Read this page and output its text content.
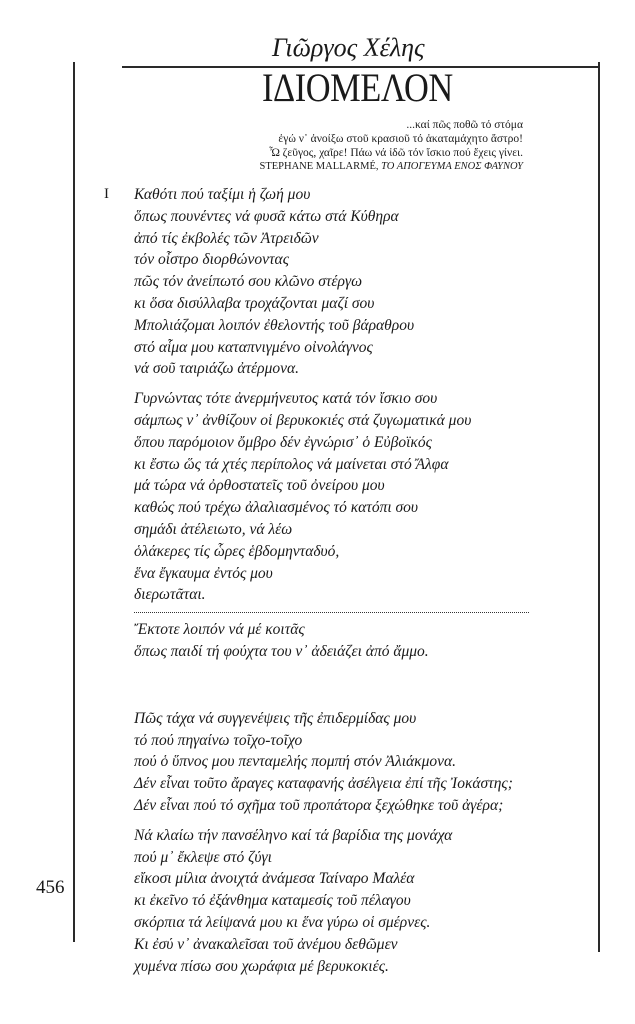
Γιῶργος Χέλης
ΙΔΙΟΜΕΛΟΝ
...καί πῶς ποθῶ τό στόμα
ἐγώ ν᾽ ἀνοίξω στοῦ κρασιοῦ τό ἀκαταμάχητο ἄστρο!
Ὦ ζεῦγος, χαῖρε! Πάω νά ἰδῶ τόν ἴσκιο πού ἔχεις γίνει.
STEPHANE MALLARMÉ, ΤΟ ΑΠΟΓΕΥΜΑ ΕΝΟΣ ΦΑΥΝΟΥ
I Καθότι πού ταξίμι ἡ ζωή μου
ὅπως πουνέντες νά φυσᾶ κάτω στά Κύθηρα
ἀπό τίς ἐκβολές τῶν Ἀτρειδῶν
τόν οἶστρο διορθώνοντας
πῶς τόν ἀνείπωτό σου κλῶνο στέργω
κι ὅσα δισύλλαβα τροχάζονται μαζί σου
Μπολιάζομαι λοιπόν ἐθελοντής τοῦ βάραθρου
στό αἷμα μου καταπνιγμένο οἰνολάγνος
νά σοῦ ταιριάζω ἀτέρμονα.
Γυρνώντας τότε ἀνερμήνευτος κατά τόν ἴσκιο σου
σάμπως ν᾽ ἀνθίζουν οἱ βερυκοκιές στά ζυγωματικά μου
ὅπου παρόμοιον ὄμβρο δέν ἐγνώρισ᾽ ὁ Εὐβοϊκός
κι ἔστω ὥς τά χτές περίπολος νά μαίνεται στό Ἄλφα
μά τώρα νά ὀρθοστατεῖς τοῦ ὀνείρου μου
καθώς πού τρέχω ἀλαλιασμένος τό κατόπι σου
σημάδι ἀτέλειωτο, νά λέω
ὁλάκερες τίς ὧρες ἑβδομηνταδυό,
ἕνα ἔγκαυμα ἐντός μου
διερωτᾶται.
Ἔκτοτε λοιπόν νά μέ κοιτᾶς
ὅπως παιδί τή φούχτα του ν᾽ ἀδειάζει ἀπό ἄμμο.
Πῶς τάχα νά συγγενέψεις τῆς ἐπιδερμίδας μου
τό πού πηγαίνω τοῖχο-τοῖχο
πού ὁ ὕπνος μου πενταμελής πομπή στόν Ἀλιάκμονα.
Δέν εἶναι τοῦτο ἄραγες καταφανής ἀσέλγεια ἐπί τῆς Ἰοκάστης;
Δέν εἶναι πού τό σχῆμα τοῦ προπάτορα ξεχώθηκε τοῦ ἀγέρα;
Νά κλαίω τήν πανσέληνο καί τά βαρίδια της μονάχα
πού μ᾽ ἔκλεψε στό ζύγι
εἴκοσι μίλια ἀνοιχτά ἀνάμεσα Ταίναρο Μαλέα
κι ἐκεῖνο τό ἐξάνθημα καταμεσίς τοῦ πέλαγου
σκόρπια τά λείψανά μου κι ἕνα γύρω οἱ σμέρνες.
Κι ἐσύ ν᾽ ἀνακαλεῖσαι τοῦ ἀνέμου δεθῶμεν
χυμένα πίσω σου χωράφια μέ βερυκοκιές.
456
